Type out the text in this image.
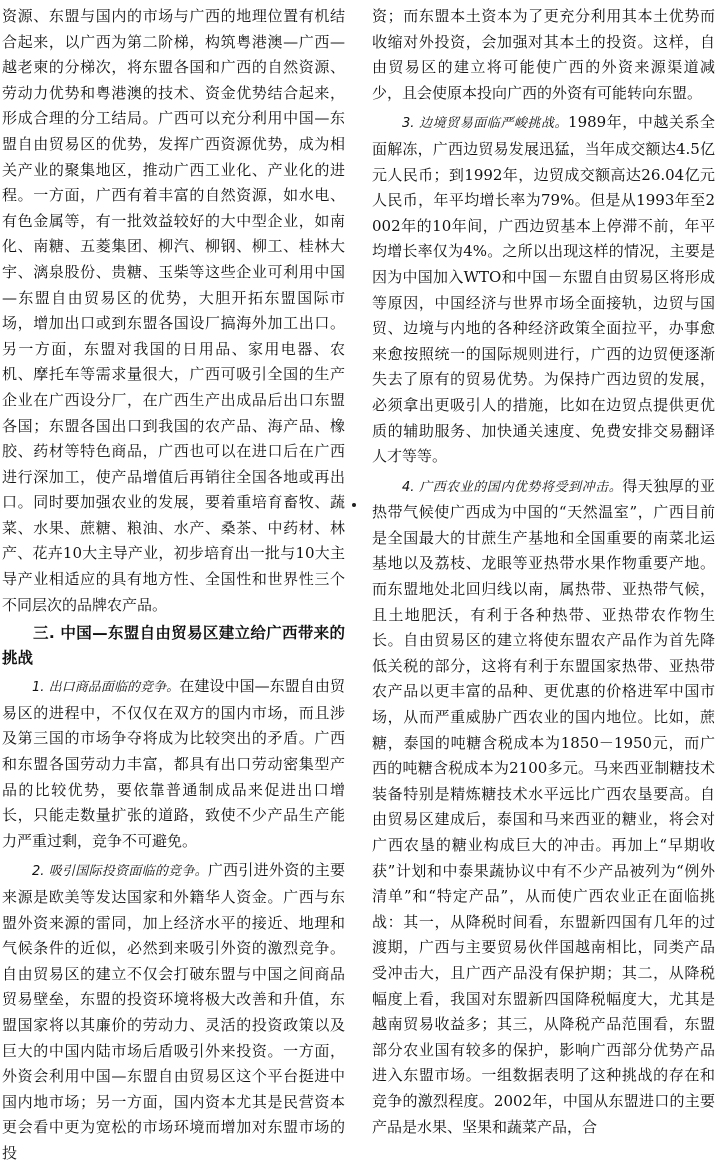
资源、东盟与国内的市场与广西的地理位置有机结合起来，以广西为第二阶梯，构筑粤港澳—广西—越老柬的分梯次，将东盟各国和广西的自然资源、劳动力优势和粤港澳的技术、资金优势结合起来，形成合理的分工结局。广西可以充分利用中国—东盟自由贸易区的优势，发挥广西资源优势，成为相关产业的聚集地区，推动广西工业化、产业化的进程。一方面，广西有着丰富的自然资源，如水电、有色金属等，有一批效益较好的大中型企业，如南化、南糖、五菱集团、柳汽、柳钢、柳工、桂林大宇、漓泉股份、贵糖、玉柴等这些企业可利用中国—东盟自由贸易区的优势，大胆开拓东盟国际市场，增加出口或到东盟各国设厂搞海外加工出口。另一方面，东盟对我国的日用品、家用电器、农机、摩托车等需求量很大，广西可吸引全国的生产企业在广西设分厂，在广西生产出成品后出口东盟各国；东盟各国出口到我国的农产品、海产品、橡胶、药材等特色商品，广西也可以在进口后在广西进行深加工，使产品增值后再销往全国各地或再出口。同时要加强农业的发展，要着重培育畜牧、蔬菜、水果、蔗糖、粮油、水产、桑茶、中药材、林产、花卉10大主导产业，初步培育出一批与10大主导产业相适应的具有地方性、全国性和世界性三个不同层次的品牌农产品。

三. 中国—东盟自由贸易区建立给广西带来的挑战

1. 出口商品面临的竞争。在建设中国—东盟自由贸易区的进程中，不仅仅在双方的国内市场，而且涉及第三国的市场争夺将成为比较突出的矛盾。广西和东盟各国劳动力丰富，都具有出口劳动密集型产品的比较优势，要依靠普通制成品来促进出口增长，只能走数量扩张的道路，致使不少产品生产能力严重过剩，竞争不可避免。

2. 吸引国际投资面临的竞争。广西引进外资的主要来源是欧美等发达国家和外籍华人资金。广西与东盟外资来源的雷同，加上经济水平的接近、地理和气候条件的近似，必然到来吸引外资的激烈竞争。自由贸易区的建立不仅会打破东盟与中国之间商品贸易壁垒，东盟的投资环境将极大改善和升值，东盟国家将以其廉价的劳动力、灵活的投资政策以及巨大的中国内陆市场后盾吸引外来投资。一方面，外资会利用中国—东盟自由贸易区这个平台挺进中国内地市场；另一方面，国内资本尤其是民营资本更会看中更为宽松的市场环境而增加对东盟市场的投

资；而东盟本土资本为了更充分利用其本土优势而收缩对外投资，会加强对其本土的投资。这样，自由贸易区的建立将可能使广西的外资来源渠道减少，且会使原本投向广西的外资有可能转向东盟。

3. 边境贸易面临严峻挑战。1989年，中越关系全面解冻，广西边贸易发展迅猛，当年成交额达4.5亿元人民币；到1992年，边贸成交额高达26.04亿元人民币，年平均增长率为79%。但是从1993年至2002年的10年间，广西边贸基本上停滞不前，年平均增长率仅为4%。之所以出现这样的情况，主要是因为中国加入WTO和中国－东盟自由贸易区将形成等原因，中国经济与世界市场全面接轨，边贸与国贸、边境与内地的各种经济政策全面拉平，办事愈来愈按照统一的国际规则进行，广西的边贸便逐渐失去了原有的贸易优势。为保持广西边贸的发展，必须拿出更吸引人的措施，比如在边贸点提供更优质的辅助服务、加快通关速度、免费安排交易翻译人才等等。

4. 广西农业的国内优势将受到冲击。得天独厚的亚热带气候使广西成为中国的“天然温室”，广西目前是全国最大的甘蔗生产基地和全国重要的南菜北运基地以及荔枝、龙眼等亚热带水果作物重要产地。而东盟地处北回归线以南，属热带、亚热带气候，且土地肥沃，有利于各种热带、亚热带农作物生长。自由贸易区的建立将使东盟农产品作为首先降低关税的部分，这将有利于东盟国家热带、亚热带农产品以更丰富的品种、更优惠的价格进军中国市场，从而严重威胁广西农业的国内地位。比如，蔗糖，泰国的吨糖含税成本为1850－1950元，而广西的吨糖含税成本为2100多元。马来西亚制糖技术装备特别是精炼糖技术水平远比广西农垦要高。自由贸易区建成后，泰国和马来西亚的糖业，将会对广西农垦的糖业构成巨大的冲击。再加上“早期收获”计划和中泰果蔬协议中有不少产品被列为“例外清单”和“特定产品”，从而使广西农业正在面临挑战：其一，从降税时间看，东盟新四国有几年的过渡期，广西与主要贸易伙伴国越南相比，同类产品受冲击大，且广西产品没有保护期；其二，从降税幅度上看，我国对东盟新四国降税幅度大，尤其是越南贸易收益多；其三，从降税产品范围看，东盟部分农业国有较多的保护，影响广西部分优势产品进入东盟市场。一组数据表明了这种挑战的存在和竞争的激烈程度。2002年，中国从东盟进口的主要产品是水果、坚果和蔬菜产品，合
